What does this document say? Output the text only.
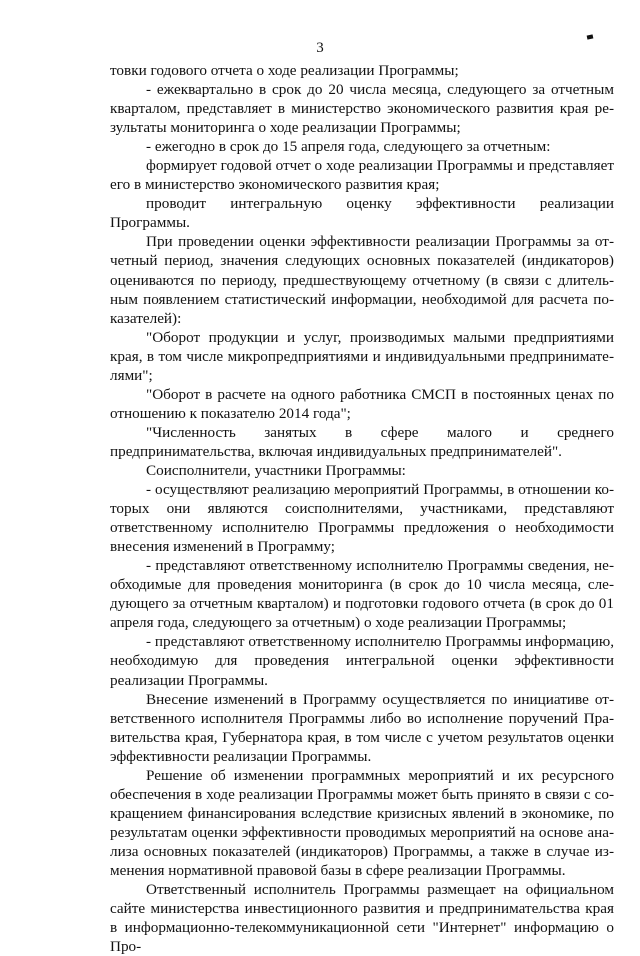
3

товки годового отчета о ходе реализации Программы;

- ежеквартально в срок до 20 числа месяца, следующего за отчетным кварталом, представляет в министерство экономического развития края результаты мониторинга о ходе реализации Программы;

- ежегодно в срок до 15 апреля года, следующего за отчетным:

формирует годовой отчет о ходе реализации Программы и представляет его в министерство экономического развития края;

проводит интегральную оценку эффективности реализации Программы.

При проведении оценки эффективности реализации Программы за отчетный период, значения следующих основных показателей (индикаторов) оцениваются по периоду, предшествующему отчетному (в связи с длительным появлением статистический информации, необходимой для расчета показателей):

"Оборот продукции и услуг, производимых малыми предприятиями края, в том числе микропредприятиями и индивидуальными предпринимателями";

"Оборот в расчете на одного работника СМСП в постоянных ценах по отношению к показателю 2014 года";

"Численность занятых в сфере малого и среднего предпринимательства, включая индивидуальных предпринимателей".

Соисполнители, участники Программы:

- осуществляют реализацию мероприятий Программы, в отношении которых они являются соисполнителями, участниками, представляют ответственному исполнителю Программы предложения о необходимости внесения изменений в Программу;

- представляют ответственному исполнителю Программы сведения, необходимые для проведения мониторинга (в срок до 10 числа месяца, следующего за отчетным кварталом) и подготовки годового отчета (в срок до 01 апреля года, следующего за отчетным) о ходе реализации Программы;

- представляют ответственному исполнителю Программы информацию, необходимую для проведения интегральной оценки эффективности реализации Программы.

Внесение изменений в Программу осуществляется по инициативе ответственного исполнителя Программы либо во исполнение поручений Правительства края, Губернатора края, в том числе с учетом результатов оценки эффективности реализации Программы.

Решение об изменении программных мероприятий и их ресурсного обеспечения в ходе реализации Программы может быть принято в связи с сокращением финансирования вследствие кризисных явлений в экономике, по результатам оценки эффективности проводимых мероприятий на основе анализа основных показателей (индикаторов) Программы, а также в случае изменения нормативной правовой базы в сфере реализации Программы.

Ответственный исполнитель Программы размещает на официальном сайте министерства инвестиционного развития и предпринимательства края в информационно-телекоммуникационной сети "Интернет" информацию о Про-
